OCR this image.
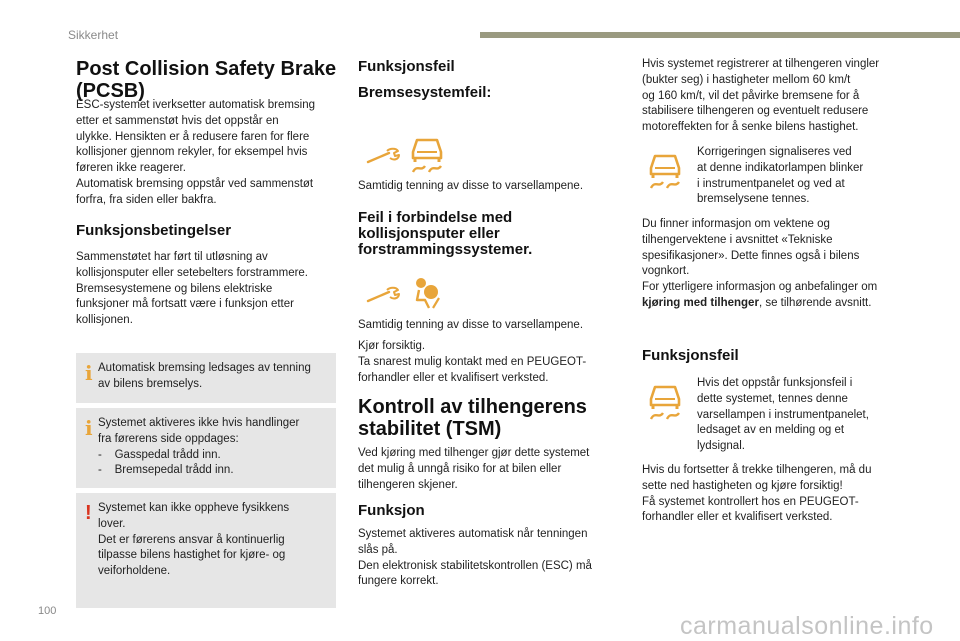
Sikkerhet
Post Collision Safety Brake
(PCSB)
ESC-systemet iverksetter automatisk bremsing
etter et sammenstøt hvis det oppstår en
ulykke. Hensikten er å redusere faren for flere
kollisjoner gjennom rekyler, for eksempel hvis
føreren ikke reagerer.
Automatisk bremsing oppstår ved sammenstøt
forfra, fra siden eller bakfra.
Funksjonsbetingelser
Sammenstøtet har ført til utløsning av
kollisjonsputer eller setebelters forstrammere.
Bremsesystemene og bilens elektriske
funksjoner må fortsatt være i funksjon etter
kollisjonen.
i Automatisk bremsing ledsages av tenning
av bilens bremselys.
i Systemet aktiveres ikke hvis handlinger
fra førerens side oppdages:
-    Gasspedal trådd inn.
-    Bremsepedal trådd inn.
! Systemet kan ikke oppheve fysikkens
lover.
Det er førerens ansvar å kontinuerlig
tilpasse bilens hastighet for kjøre- og
veiforholdene.
Funksjonsfeil
Bremsesystemfeil:
Samtidig tenning av disse to varsellampene.
Feil i forbindelse med
kollisjonsputer eller
forstrammingssystemer.
Samtidig tenning av disse to varsellampene.
Kjør forsiktig.
Ta snarest mulig kontakt med en PEUGEOT-
forhandler eller et kvalifisert verksted.
Kontroll av tilhengerens
stabilitet (TSM)
Ved kjøring med tilhenger gjør dette systemet
det mulig å unngå risiko for at bilen eller
tilhengeren skjener.
Funksjon
Systemet aktiveres automatisk når tenningen
slås på.
Den elektronisk stabilitetskontrollen (ESC) må
fungere korrekt.
Hvis systemet registrerer at tilhengeren vingler
(bukter seg) i hastigheter mellom 60 km/t
og 160 km/t, vil det påvirke bremsene for å
stabilisere tilhengeren og eventuelt redusere
motoreffekten for å senke bilens hastighet.
Korrigeringen signaliseres ved
at denne indikatorlampen blinker
i instrumentpanelet og ved at
bremselysene tennes.
Du finner informasjon om vektene og
tilhengervektene i avsnittet «Tekniske
spesifikasjoner». Dette finnes også i bilens
vognkort.
For ytterligere informasjon og anbefalinger om
kjøring med tilhenger, se tilhørende avsnitt.
Funksjonsfeil
Hvis det oppstår funksjonsfeil i
dette systemet, tennes denne
varsellampen i instrumentpanelet,
ledsaget av en melding og et
lydsignal.
Hvis du fortsetter å trekke tilhengeren, må du
sette ned hastigheten og kjøre forsiktig!
Få systemet kontrollert hos en PEUGEOT-
forhandler eller et kvalifisert verksted.
100
carmanualsonline.info
